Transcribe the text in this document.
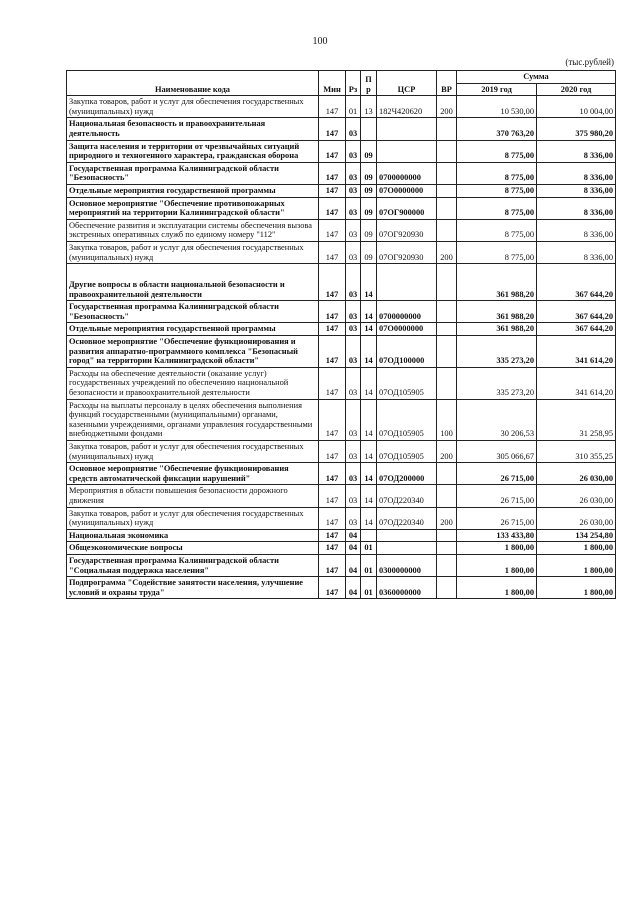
100
(тыс.рублей)
Наименование кода	Мин	Рз	Пр	ЦСР	ВР	Сумма	
						2019 год	2020 год
Закупка товаров, работ и услуг для обеспечения государственных (муниципальных) нужд	147	01	13	182Ч420620	200	10 530,00	10 004,00
Национальная безопасность и правоохранительная деятельность	147	03				370 763,20	375 980,20
Защита населения и территории от чрезвычайных ситуаций природного и техногенного характера, гражданская оборона	147	03	09			8 775,00	8 336,00
Государственная программа Калининградской области "Безопасность"	147	03	09	0700000000		8 775,00	8 336,00
Отдельные мероприятия государственной программы	147	03	09	07О0000000		8 775,00	8 336,00
Основное мероприятие "Обеспечение противопожарных мероприятий на территории Калининградской области"	147	03	09	07ОГ900000		8 775,00	8 336,00
Обеспечение развития и эксплуатации системы обеспечения вызова экстренных оперативных служб по единому номеру "112"	147	03	09	07ОГ920930		8 775,00	8 336,00
Закупка товаров, работ и услуг для обеспечения государственных (муниципальных) нужд	147	03	09	07ОГ920930	200	8 775,00	8 336,00
Другие вопросы в области национальной безопасности и правоохранительной деятельности	147	03	14			361 988,20	367 644,20
Государственная программа Калининградской области "Безопасность"	147	03	14	0700000000		361 988,20	367 644,20
Отдельные мероприятия государственной программы	147	03	14	07О0000000		361 988,20	367 644,20
Основное мероприятие "Обеспечение функционирования и развития аппаратно-программного комплекса "Безопасный город" на территории Калининградской области"	147	03	14	07ОД100000		335 273,20	341 614,20
Расходы на обеспечение деятельности (оказание услуг) государственных учреждений по обеспечению национальной безопасности и правоохранительной деятельности	147	03	14	07ОД105905		335 273,20	341 614,20
Расходы на выплаты персоналу в целях обеспечения выполнения функций государственными (муниципальными) органами, казенными учреждениями, органами управления государственными внебюджетными фондами	147	03	14	07ОД105905	100	30 206,53	31 258,95
Закупка товаров, работ и услуг для обеспечения государственных (муниципальных) нужд	147	03	14	07ОД105905	200	305 066,67	310 355,25
Основное мероприятие "Обеспечение функционирования средств автоматической фиксации нарушений"	147	03	14	07ОД200000		26 715,00	26 030,00
Мероприятия в области повышения безопасности дорожного движения	147	03	14	07ОД220340		26 715,00	26 030,00
Закупка товаров, работ и услуг для обеспечения государственных (муниципальных) нужд	147	03	14	07ОД220340	200	26 715,00	26 030,00
Национальная экономика	147	04				133 433,80	134 254,80
Общеэкономические вопросы	147	04	01			1 800,00	1 800,00
Государственная программа Калининградской области "Социальная поддержка населения"	147	04	01	0300000000		1 800,00	1 800,00
Подпрограмма "Содействие занятости населения, улучшение условий и охраны труда"	147	04	01	0360000000		1 800,00	1 800,00
